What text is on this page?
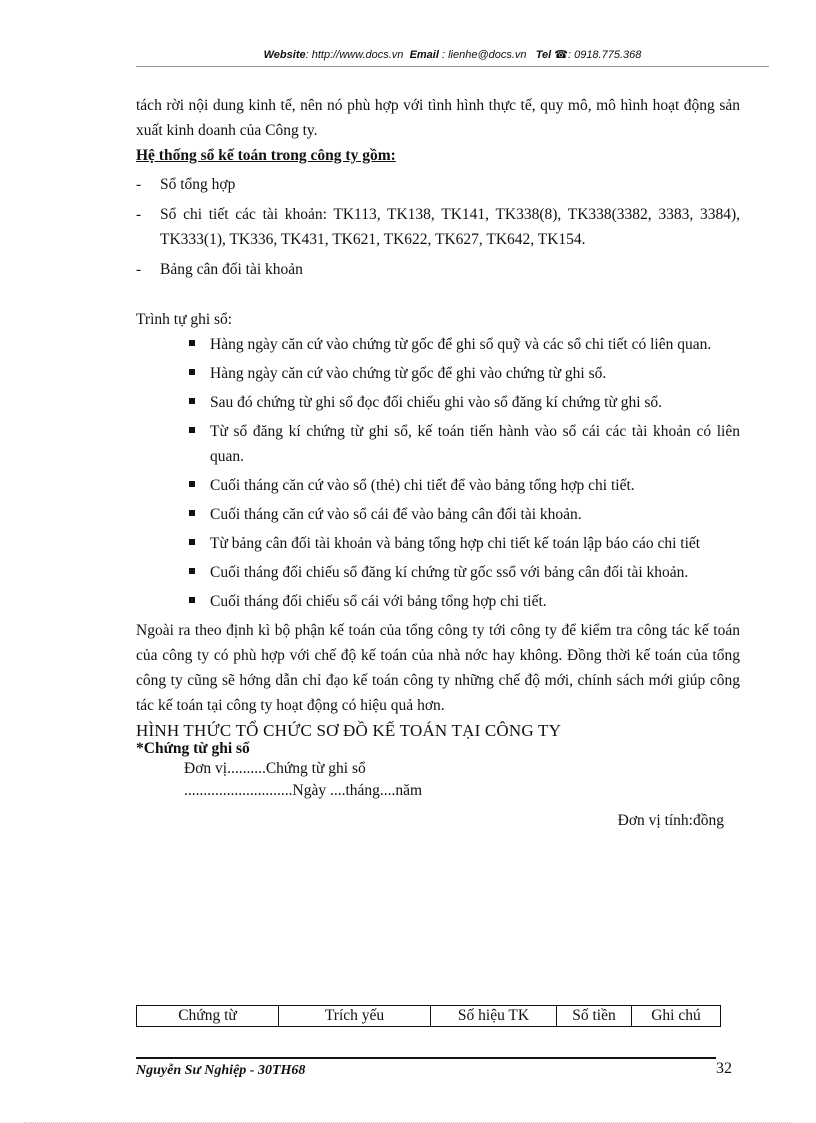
Website: http://www.docs.vn Email : lienhe@docs.vn Tel ☎: 0918.775.368

tách rời nội dung kinh tế, nên nó phù hợp với tình hình thực tế, quy mô, mô hình hoạt động sản xuất kinh doanh của Công ty.

Hệ thống sổ kế toán trong công ty gồm:

- Sổ tổng hợp
- Sổ chi tiết các tài khoản: TK113, TK138, TK141, TK338(8), TK338(3382, 3383, 3384), TK333(1), TK336, TK431, TK621, TK622, TK627, TK642, TK154.
- Bảng cân đối tài khoản

Trình tự ghi sổ:

Hàng ngày căn cứ vào chứng từ gốc để ghi sổ quỹ và các sổ chi tiết có liên quan.
Hàng ngày căn cứ vào chứng từ gốc để ghi vào chứng từ ghi sổ.
Sau đó chứng từ ghi sổ đọc đối chiếu ghi vào sổ đăng kí chứng từ ghi sổ.
Từ sổ đăng kí chứng từ ghi sổ, kế toán tiến hành vào sổ cái các tài khoản có liên quan.
Cuối tháng căn cứ vào sổ (thẻ) chi tiết để vào bảng tổng hợp chi tiết.
Cuối tháng căn cứ vào sổ cái để vào bảng cân đối tài khoản.
Từ bảng cân đối tài khoản và bảng tổng hợp chi tiết kế toán lập báo cáo chi tiết
Cuối tháng đối chiếu sổ đăng kí chứng từ gốc ssổ với bảng cân đối tài khoản.
Cuối tháng đối chiếu sổ cái với bảng tổng hợp chi tiết.

Ngoài ra theo định kì bộ phận kế toán của tổng công ty tới công ty để kiểm tra công tác kế toán của công ty có phù hợp với chế độ kế toán của nhà nớc hay không. Đồng thời kế toán của tổng công ty cũng sẽ hớng dẫn chỉ đạo kế toán công ty những chế độ mới, chính sách mới giúp công tác kế toán tại công ty hoạt động có hiệu quả hơn.

HÌNH THỨC TỔ CHỨC SƠ ĐỒ KẾ TOÁN TẠI CÔNG TY

*Chứng từ ghi sổ

Đơn vị..........Chứng từ ghi sổ

............................Ngày ....tháng....năm

Đơn vị tính:đồng

Chứng từ	Trích yếu	Số hiệu TK	Số tiền	Ghi chú
Nguyễn Sư Nghiệp - 30TH68	32
